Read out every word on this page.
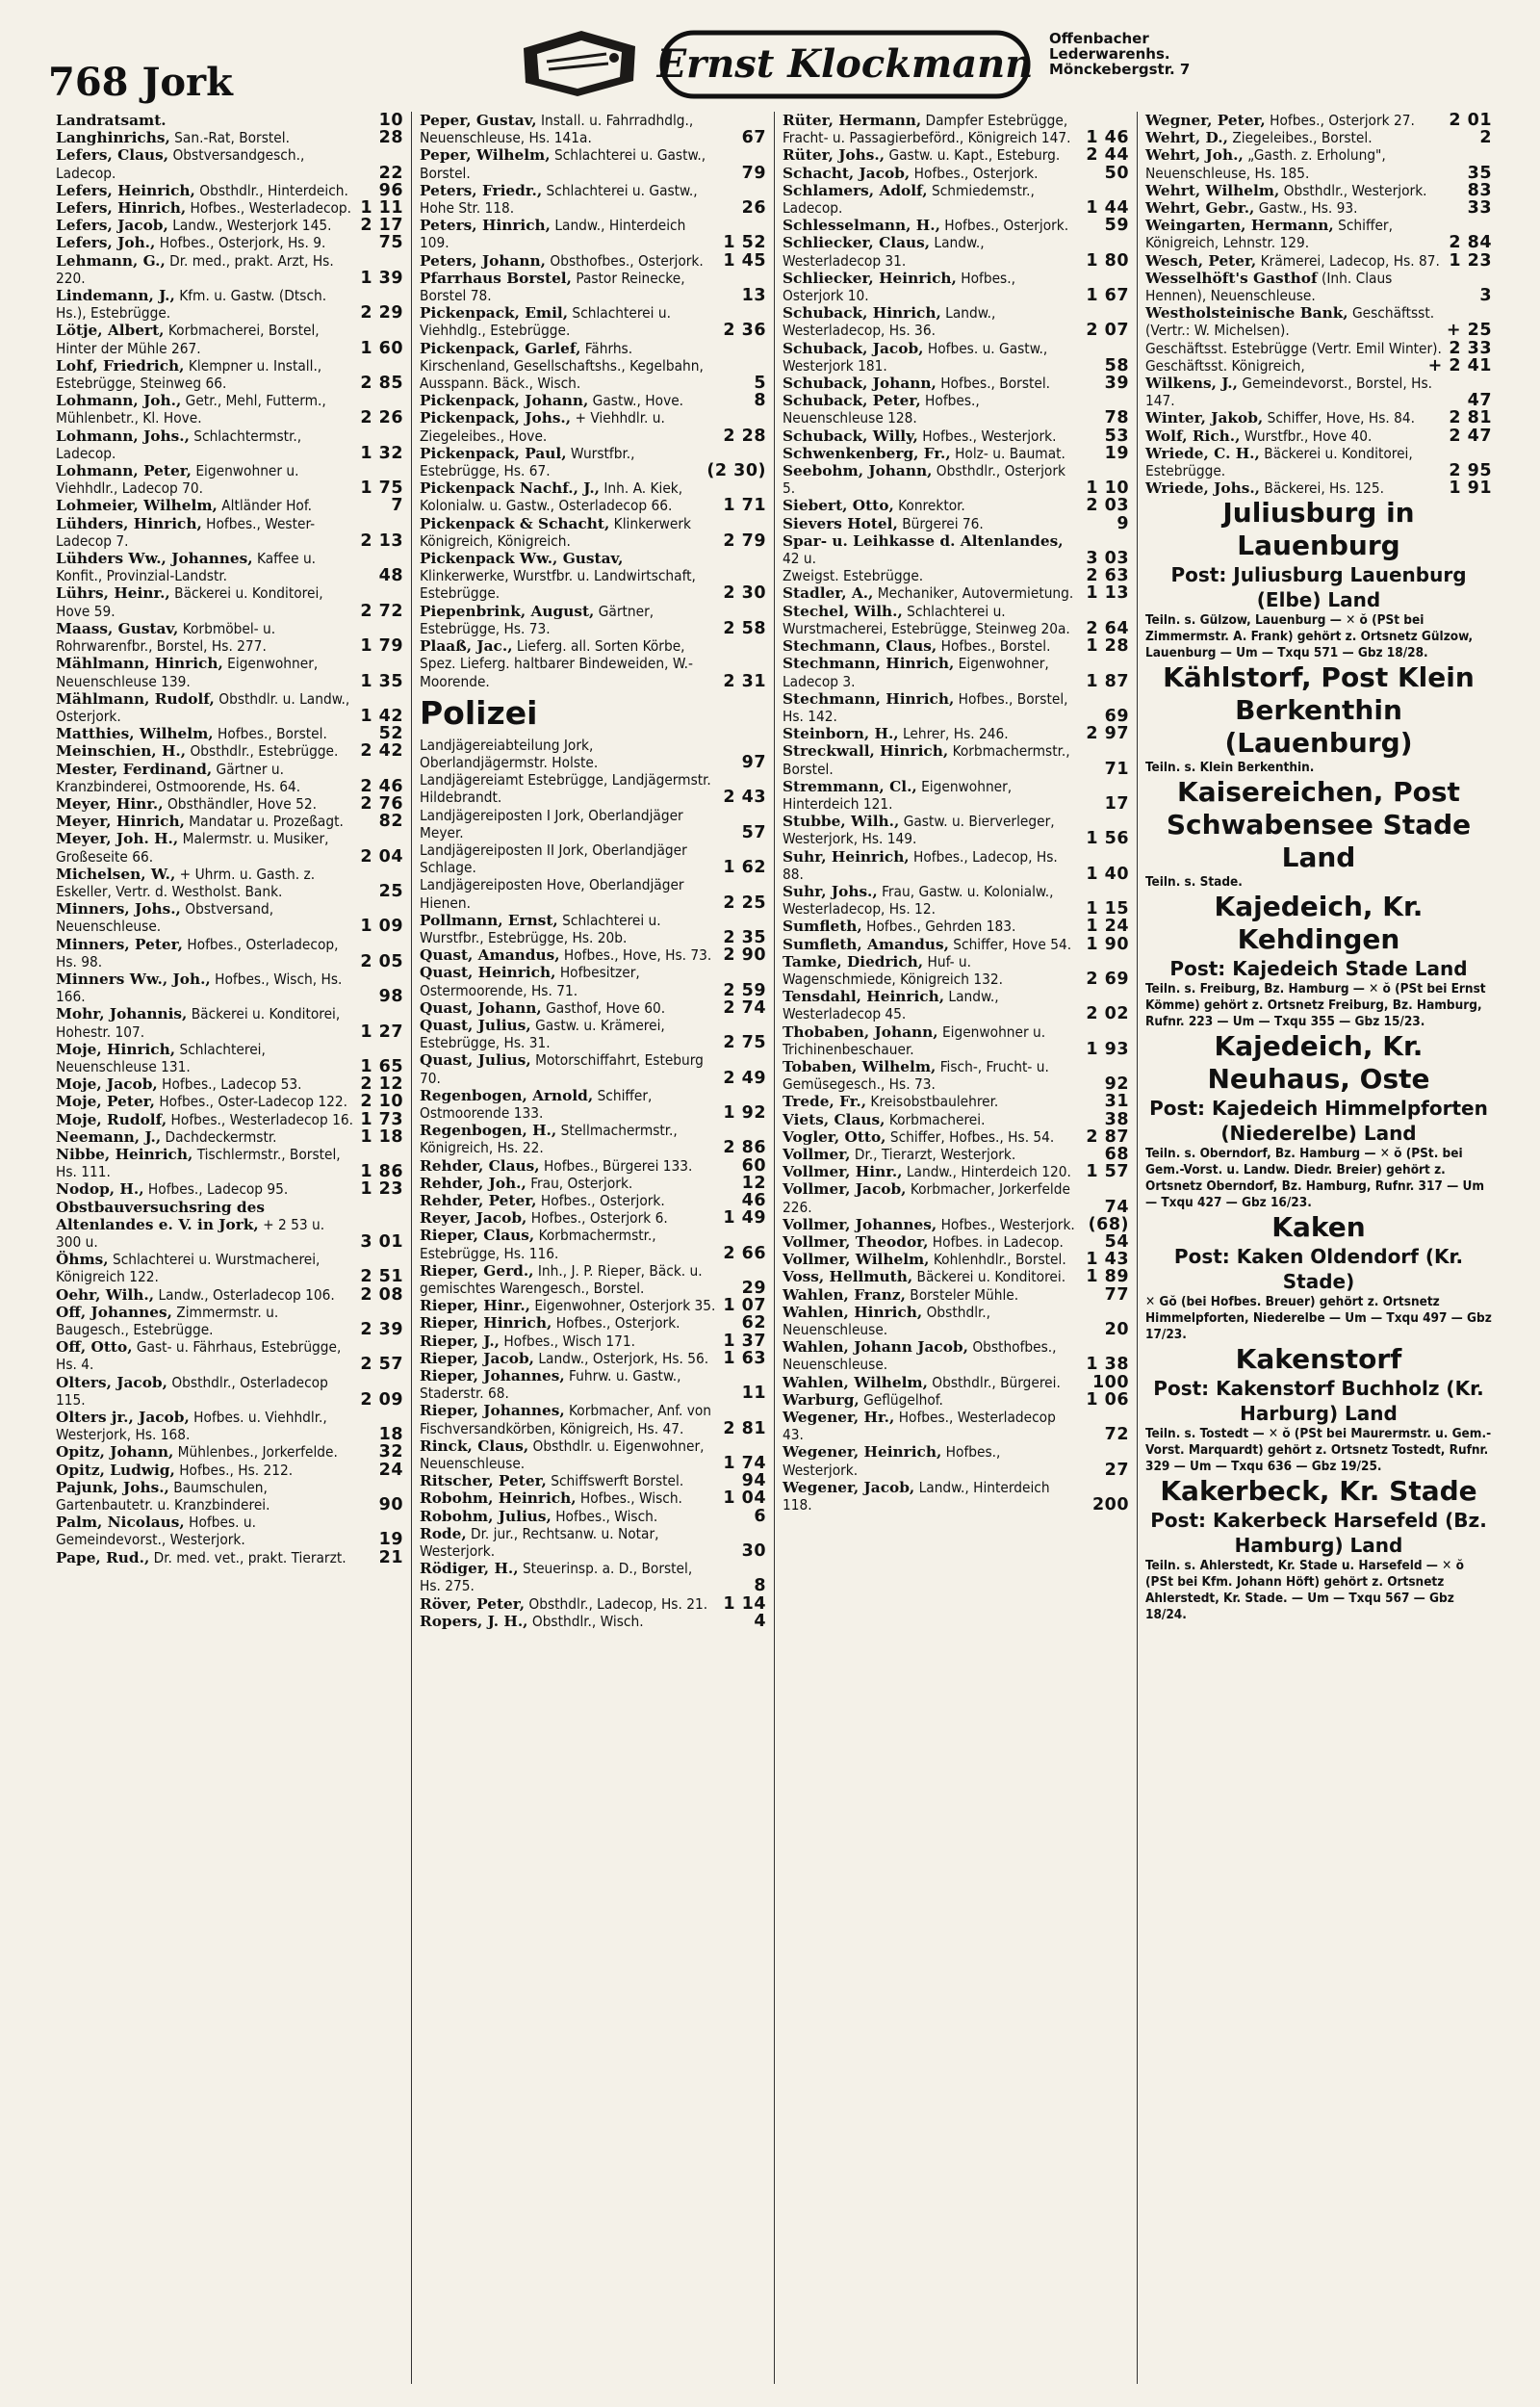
768 Jork	Ernst Klockmann
Offenbacher
Lederwarenhs.
Mönckebergstr. 7
Landratsamt.	10
Langhinrichs, San.-Rat, Borstel.	28
Lefers, Claus, Obstversandgesch., Ladecop.	22
Lefers, Heinrich, Obsthdlr., Hinterdeich. 96
Lefers, Hinrich, Hofbes., Westerladecop. 1 11
Lefers, Jacob, Landw., Westerjork 145. 2 17
Lefers, Joh., Hofbes., Osterjork, Hs. 9.	75
Lehmann, G., Dr. med., prakt. Arzt, Hs. 220.	1 39
Lindemann, J., Kfm. u. Gastw. (Dtsch. Hs.), Estebrügge.	2 29
Lötje, Albert, Korbmacherei, Borstel, Hinter der Mühle 267.	1 60
Lohf, Friedrich, Klempner u. Install., Estebrügge, Steinweg 66.	2 85
Lohmann, Joh., Getr., Mehl, Futterm., Mühlenbetr., Kl. Hove.	2 26
Lohmann, Johs., Schlachtermstr., Ladecop.	1 32
Lohmann, Peter, Eigenwohner u. Viehhdlr., Ladecop 70.	1 75
Lohmeier, Wilhelm, Altländer Hof.	7
Lühders, Hinrich, Hofbes., Wester-Ladecop 7.	2 13
Lühders Ww., Johannes, Kaffee u. Konfit., Provinzial-Landstr.	48
Lührs, Heinr., Bäckerei u. Konditorei, Hove 59.	2 72
Maass, Gustav, Korbmöbel- u. Rohrwarenfbr., Borstel, Hs. 277.	1 79
Mählmann, Hinrich, Eigenwohner, Neuenschleuse 139.	1 35
Mählmann, Rudolf, Obsthdlr. u. Landw., Osterjork.	1 42
Matthies, Wilhelm, Hofbes., Borstel.	52
Meinschien, H., Obsthdlr., Estebrügge. 2 42
Mester, Ferdinand, Gärtner u. Kranzbinderei, Ostmoorende, Hs. 64.	2 46
Meyer, Hinr., Obsthändler, Hove 52.	2 76
Meyer, Hinrich, Mandatar u. Prozeßagt. 82
Meyer, Joh. H., Malermstr. u. Musiker, Großeseite 66.	2 04
Michelsen, W., + Uhrm. u. Gasth. z. Eskeller, Vertr. d. Westholst. Bank.	25
Minners, Johs., Obstversand, Neuenschleuse.	1 09
Minners, Peter, Hofbes., Osterladecop, Hs. 98.	2 05
Minners Ww., Joh., Hofbes., Wisch, Hs. 166.	98
Mohr, Johannis, Bäckerei u. Konditorei, Hohestr. 107.	1 27
Moje, Hinrich, Schlachterei, Neuenschleuse 131.	1 65
Moje, Jacob, Hofbes., Ladecop 53.	2 12
Moje, Peter, Hofbes., Oster-Ladecop 122. 2 10
Moje, Rudolf, Hofbes., Westerladecop 16. 1 73
Neemann, J., Dachdeckermstr.	1 18
Nibbe, Heinrich, Tischlermstr., Borstel, Hs. 111.	1 86
Nodop, H., Hofbes., Ladecop 95.	1 23
Obstbauversuchsring des Altenlandes e. V. in Jork, + 2 53 u. 300 u.	3 01
Öhms, Schlachterei u. Wurstmacherei, Königreich 122.	2 51
Oehr, Wilh., Landw., Osterladecop 106. 2 08
Off, Johannes, Zimmermstr. u. Baugesch., Estebrügge.	2 39
Off, Otto, Gast- u. Fährhaus, Estebrügge, Hs. 4.	2 57
Olters, Jacob, Obsthdlr., Osterladecop 115.	2 09
Olters jr., Jacob, Hofbes. u. Viehhdlr., Westerjork, Hs. 168.	18
Opitz, Johann, Mühlenbes., Jorkerfelde. 32
Opitz, Ludwig, Hofbes., Hs. 212.	24
Pajunk, Johs., Baumschulen, Gartenbautetr. u. Kranzbinderei.	90
Palm, Nicolaus, Hofbes. u. Gemeindevorst., Westerjork.	19
Pape, Rud., Dr. med. vet., prakt. Tierarzt. 21
Peper, Gustav, Install. u. Fahrradhdlg., Neuenschleuse, Hs. 141a.	67
Peper, Wilhelm, Schlachterei u. Gastw., Borstel.	79
Peters, Friedr., Schlachterei u. Gastw., Hohe Str. 118.	26
Peters, Hinrich, Landw., Hinterdeich 109.	1 52
Peters, Johann, Obsthofbes., Osterjork. 1 45
Pfarrhaus Borstel, Pastor Reinecke, Borstel 78.	13
Pickenpack, Emil, Schlachterei u. Viehhdlg., Estebrügge.	2 36
Pickenpack, Garlef, Fährhs. Kirschenland, Gesellschaftshs., Kegelbahn, Ausspann. Bäck., Wisch.	5
Pickenpack, Johann, Gastw., Hove.	8
Pickenpack, Johs., + Viehhdlr. u. Ziegeleibes., Hove.	2 28
Pickenpack, Paul, Wurstfbr., Estebrügge, Hs. 67.	(2 30)
Pickenpack Nachf., J., Inh. A. Kiek, Kolonialw. u. Gastw., Osterladecop 66.	1 71
Pickenpack & Schacht, Klinkerwerk Königreich, Königreich.	2 79
Pickenpack Ww., Gustav, Klinkerwerke, Wurstfbr. u. Landwirtschaft, Estebrügge.	2 30
Piepenbrink, August, Gärtner, Estebrügge, Hs. 73.	2 58
Plaaß, Jac., Lieferg. all. Sorten Körbe, Spez. Lieferg. haltbarer Bindeweiden, W.-Moorende.	2 31
Polizei
Landjägereiabteilung Jork, Oberlandjägermstr. Holste.	97
Landjägereiamt Estebrügge, Landjägermstr. Hildebrandt.	2 43
Landjägereiposten I Jork, Oberlandjäger Meyer.	57
Landjägereiposten II Jork, Oberlandjäger Schlage.	1 62
Landjägereiposten Hove, Oberlandjäger Hienen.	2 25
Pollmann, Ernst, Schlachterei u. Wurstfbr., Estebrügge, Hs. 20b.	2 35
Quast, Amandus, Hofbes., Hove, Hs. 73. 2 90
Quast, Heinrich, Hofbesitzer, Ostermoorende, Hs. 71.	2 59
Quast, Johann, Gasthof, Hove 60.	2 74
Quast, Julius, Gastw. u. Krämerei, Estebrügge, Hs. 31.	2 75
Quast, Julius, Motorschiffahrt, Esteburg 70.	2 49
Regenbogen, Arnold, Schiffer, Ostmoorende 133.	1 92
Regenbogen, H., Stellmachermstr., Königreich, Hs. 22.	2 86
Rehder, Claus, Hofbes., Bürgerei 133.	60
Rehder, Joh., Frau, Osterjork.	12
Rehder, Peter, Hofbes., Osterjork.	46
Reyer, Jacob, Hofbes., Osterjork 6.	1 49
Rieper, Claus, Korbmachermstr., Estebrügge, Hs. 116.	2 66
Rieper, Gerd., Inh., J. P. Rieper, Bäck. u. gemischtes Warengesch., Borstel.	29
Rieper, Hinr., Eigenwohner, Osterjork 35. 1 07
Rieper, Hinrich, Hofbes., Osterjork.	62
Rieper, J., Hofbes., Wisch 171.	1 37
Rieper, Jacob, Landw., Osterjork, Hs. 56. 1 63
Rieper, Johannes, Fuhrw. u. Gastw., Staderstr. 68.	11
Rieper, Johannes, Korbmacher, Anf. von Fischversandkörben, Königreich, Hs. 47. 2 81
Rinck, Claus, Obsthdlr. u. Eigenwohner, Neuenschleuse.	1 74
Ritscher, Peter, Schiffswerft Borstel.	94
Robohm, Heinrich, Hofbes., Wisch. 1 04
Robohm, Julius, Hofbes., Wisch.	6
Rode, Dr. jur., Rechtsanw. u. Notar, Westerjork.	30
Rödiger, H., Steuerinsp. a. D., Borstel, Hs. 275.	8
Röver, Peter, Obsthdlr., Ladecop, Hs. 21. 1 14
Ropers, J. H., Obsthdlr., Wisch.	4
Rüter, Hermann, Dampfer Estebrügge, Fracht- u. Passagierbeförd., Königreich 147. 1 46
Rüter, Johs., Gastw. u. Kapt., Esteburg. 2 44
Schacht, Jacob, Hofbes., Osterjork.	50
Schlamers, Adolf, Schmiedemstr., Ladecop.	1 44
Schlesselmann, H., Hofbes., Osterjork. 59
Schliecker, Claus, Landw., Westerladecop 31.	1 80
Schliecker, Heinrich, Hofbes., Osterjork 10.	1 67
Schuback, Hinrich, Landw., Westerladecop, Hs. 36.	2 07
Schuback, Jacob, Hofbes. u. Gastw., Westerjork 181.	58
Schuback, Johann, Hofbes., Borstel.	39
Schuback, Peter, Hofbes., Neuenschleuse 128.	78
Schuback, Willy, Hofbes., Westerjork.	53
Schwenkenberg, Fr., Holz- u. Baumat. 19
Seebohm, Johann, Obsthdlr., Osterjork 5.	1 10
Siebert, Otto, Konrektor.	2 03
Sievers Hotel, Bürgerei 76.	9
Spar- u. Leihkasse d. Altenlandes, 42 u.	3 03
Zweigst. Estebrügge.	2 63
Stadler, A., Mechaniker, Autovermietung. 1 13
Stechel, Wilh., Schlachterei u. Wurstmacherei, Estebrügge, Steinweg 20a. 2 64
Stechmann, Claus, Hofbes., Borstel. 1 28
Stechmann, Hinrich, Eigenwohner, Ladecop 3.	1 87
Stechmann, Hinrich, Hofbes., Borstel, Hs. 142.	69
Steinborn, H., Lehrer, Hs. 246.	2 97
Streckwall, Hinrich, Korbmachermstr., Borstel.	71
Stremmann, Cl., Eigenwohner, Hinterdeich 121.	17
Stubbe, Wilh., Gastw. u. Bierverleger, Westerjork, Hs. 149.	1 56
Suhr, Heinrich, Hofbes., Ladecop, Hs. 88.	1 40
Suhr, Johs., Frau, Gastw. u. Kolonialw., Westerladecop, Hs. 12.	1 15
Sumfleth, Hofbes., Gehrden 183.	1 24
Sumfleth, Amandus, Schiffer, Hove 54. 1 90
Tamke, Diedrich, Huf- u. Wagenschmiede, Königreich 132.	2 69
Tensdahl, Heinrich, Landw., Westerladecop 45.	2 02
Thobaben, Johann, Eigenwohner u. Trichinenbeschauer.	1 93
Tobaben, Wilhelm, Fisch-, Frucht- u. Gemüsegesch., Hs. 73.	92
Trede, Fr., Kreisobstbaulehrer.	31
Viets, Claus, Korbmacherei.	38
Vogler, Otto, Schiffer, Hofbes., Hs. 54. 2 87
Vollmer, Dr., Tierarzt, Westerjork.	68
Vollmer, Hinr., Landw., Hinterdeich 120. 1 57
Vollmer, Jacob, Korbmacher, Jorkerfelde 226.	74
Vollmer, Johannes, Hofbes., Westerjork. (68)
Vollmer, Theodor, Hofbes. in Ladecop. 54
Vollmer, Wilhelm, Kohlenhdlr., Borstel. 1 43
Voss, Hellmuth, Bäckerei u. Konditorei. 1 89
Wahlen, Franz, Borsteler Mühle.	77
Wahlen, Hinrich, Obsthdlr., Neuenschleuse.	20
Wahlen, Johann Jacob, Obsthofbes., Neuenschleuse.	1 38
Wahlen, Wilhelm, Obsthdlr., Bürgerei. 100
Warburg, Geflügelhof.	1 06
Wegener, Hr., Hofbes., Westerladecop 43.	72
Wegener, Heinrich, Hofbes., Westerjork.	27
Wegener, Jacob, Landw., Hinterdeich 118.	200
Wegner, Peter, Hofbes., Osterjork 27. 2 01
Wehrt, D., Ziegeleibes., Borstel.	2
Wehrt, Joh., „Gasth. z. Erholung", Neuenschleuse, Hs. 185.	35
Wehrt, Wilhelm, Obsthdlr., Westerjork. 83
Wehrt, Gebr., Gastw., Hs. 93.	33
Weingarten, Hermann, Schiffer, Königreich, Lehnstr. 129.	2 84
Wesch, Peter, Krämerei, Ladecop, Hs. 87. 1 23
Wesselhöft's Gasthof (Inh. Claus Hennen), Neuenschleuse.	3
Westholsteinische Bank, Geschäftsst. (Vertr.: W. Michelsen).	+ 25
Geschäftsst. Estebrügge (Vertr. Emil Winter). 2 33
Geschäftsst. Königreich,	+ 2 41
Wilkens, J., Gemeindevorst., Borstel, Hs. 147.	47
Winter, Jakob, Schiffer, Hove, Hs. 84. 2 81
Wolf, Rich., Wurstfbr., Hove 40.	2 47
Wriede, C. H., Bäckerei u. Konditorei, Estebrügge.	2 95
Wriede, Johs., Bäckerei, Hs. 125.	1 91
Juliusburg in Lauenburg
Post: Juliusburg Lauenburg (Elbe) Land
Teiln. s. Gülzow, Lauenburg — ✕ ŏ (PSt bei Zimmermstr. A. Frank) gehört z. Ortsnetz Gülzow, Lauenburg — Um — Txqu 571 — Gbz 18/28.
Kählstorf, Post Klein Berkenthin (Lauenburg)
Teiln. s. Klein Berkenthin.
Kaisereichen, Post Schwabensee Stade Land
Teiln. s. Stade.
Kajedeich, Kr. Kehdingen
Post: Kajedeich Stade Land
Teiln. s. Freiburg, Bz. Hamburg — ✕ ŏ (PSt bei Ernst Kömme) gehört z. Ortsnetz Freiburg, Bz. Hamburg, Rufnr. 223 — Um — Txqu 355 — Gbz 15/23.
Kajedeich, Kr. Neuhaus, Oste
Post: Kajedeich Himmelpforten (Niederelbe) Land
Teiln. s. Oberndorf, Bz. Hamburg — ✕ ŏ (PSt. bei Gem.-Vorst. u. Landw. Diedr. Breier) gehört z. Ortsnetz Oberndorf, Bz. Hamburg, Rufnr. 317 — Um — Txqu 427 — Gbz 16/23.
Kaken
Post: Kaken Oldendorf (Kr. Stade)
✕ Gŏ (bei Hofbes. Breuer) gehört z. Ortsnetz Himmelpforten, Niederelbe — Um — Txqu 497 — Gbz 17/23.
Kakenstorf
Post: Kakenstorf Buchholz (Kr. Harburg) Land
Teiln. s. Tostedt — ✕ ŏ (PSt bei Maurermstr. u. Gem.-Vorst. Marquardt) gehört z. Ortsnetz Tostedt, Rufnr. 329 — Um — Txqu 636 — Gbz 19/25.
Kakerbeck, Kr. Stade
Post: Kakerbeck Harsefeld (Bz. Hamburg) Land
Teiln. s. Ahlerstedt, Kr. Stade u. Harsefeld — ✕ ŏ (PSt bei Kfm. Johann Höft) gehört z. Ortsnetz Ahlerstedt, Kr. Stade. — Um — Txqu 567 — Gbz 18/24.
